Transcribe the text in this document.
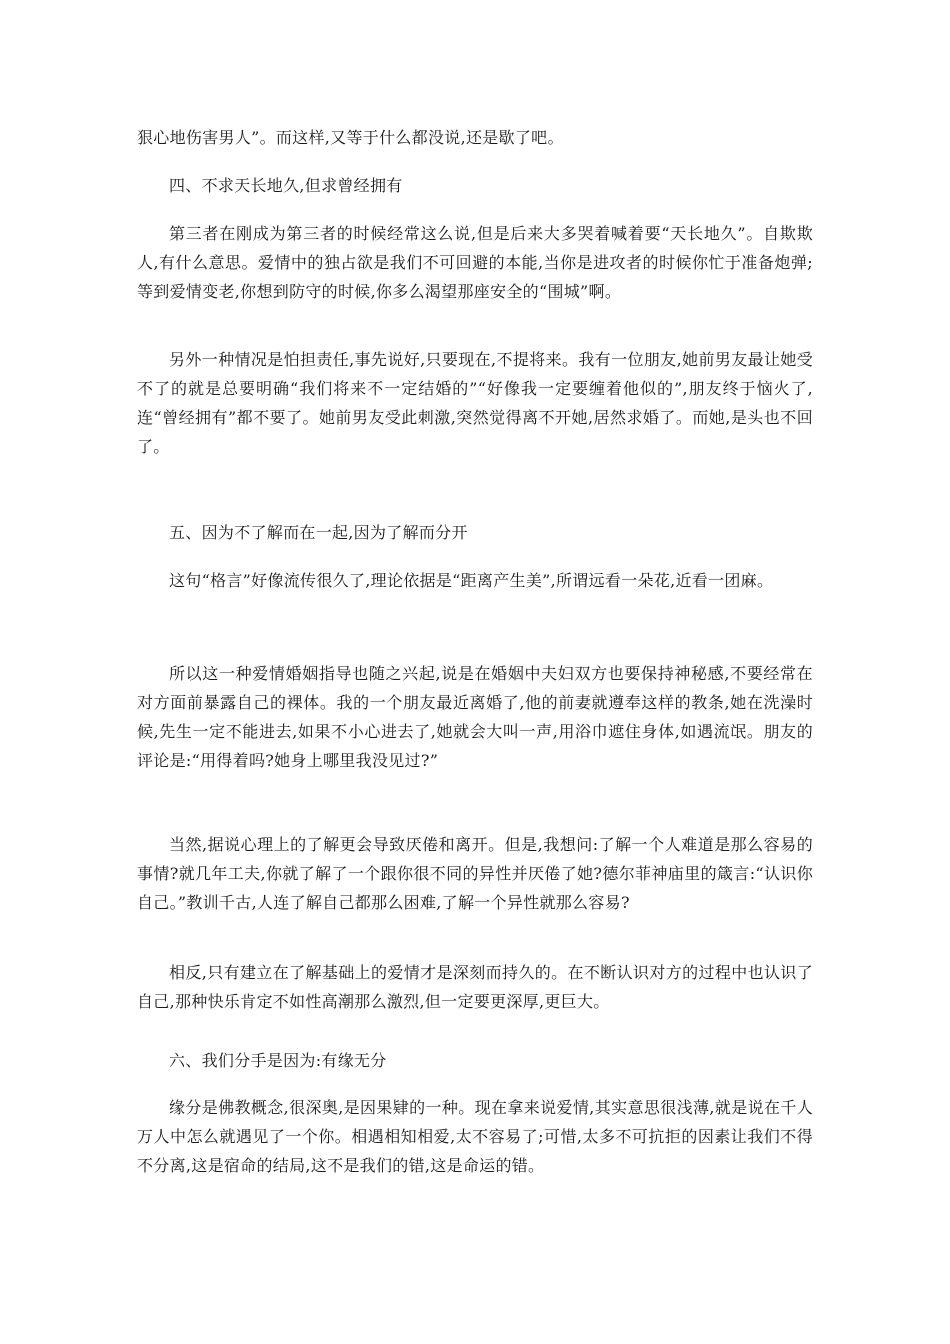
狠心地伤害男人”。而这样,又等于什么都没说,还是歇了吧。

四、不求天长地久,但求曾经拥有

第三者在刚成为第三者的时候经常这么说,但是后来大多哭着喊着要“天长地久”。自欺欺人,有什么意思。爱情中的独占欲是我们不可回避的本能,当你是进攻者的时候你忙于准备炮弹;等到爱情变老,你想到防守的时候,你多么渴望那座安全的“围城”啊。

另外一种情况是怕担责任,事先说好,只要现在,不提将来。我有一位朋友,她前男友最让她受不了的就是总要明确“我们将来不一定结婚的”“好像我一定要缠着他似的”,朋友终于恼火了,连“曾经拥有”都不要了。她前男友受此刺激,突然觉得离不开她,居然求婚了。而她,是头也不回了。

五、因为不了解而在一起,因为了解而分开

这句“格言”好像流传很久了,理论依据是“距离产生美”,所谓远看一朵花,近看一团麻。

所以这一种爱情婚姻指导也随之兴起,说是在婚姻中夫妇双方也要保持神秘感,不要经常在对方面前暴露自己的裸体。我的一个朋友最近离婚了,他的前妻就遵奉这样的教条,她在洗澡时候,先生一定不能进去,如果不小心进去了,她就会大叫一声,用浴巾遮住身体,如遇流氓。朋友的评论是:“用得着吗?她身上哪里我没见过?”

当然,据说心理上的了解更会导致厌倦和离开。但是,我想问:了解一个人难道是那么容易的事情?就几年工夫,你就了解了一个跟你很不同的异性并厌倦了她?德尔菲神庙里的箴言:“认识你自己。”教训千古,人连了解自己都那么困难,了解一个异性就那么容易?

相反,只有建立在了解基础上的爱情才是深刻而持久的。在不断认识对方的过程中也认识了自己,那种快乐肯定不如性高潮那么激烈,但一定要更深厚,更巨大。

六、我们分手是因为:有缘无分

缘分是佛教概念,很深奥,是因果肄的一种。现在拿来说爱情,其实意思很浅薄,就是说在千人万人中怎么就遇见了一个你。相遇相知相爱,太不容易了;可惜,太多不可抗拒的因素让我们不得不分离,这是宿命的结局,这不是我们的错,这是命运的错。
